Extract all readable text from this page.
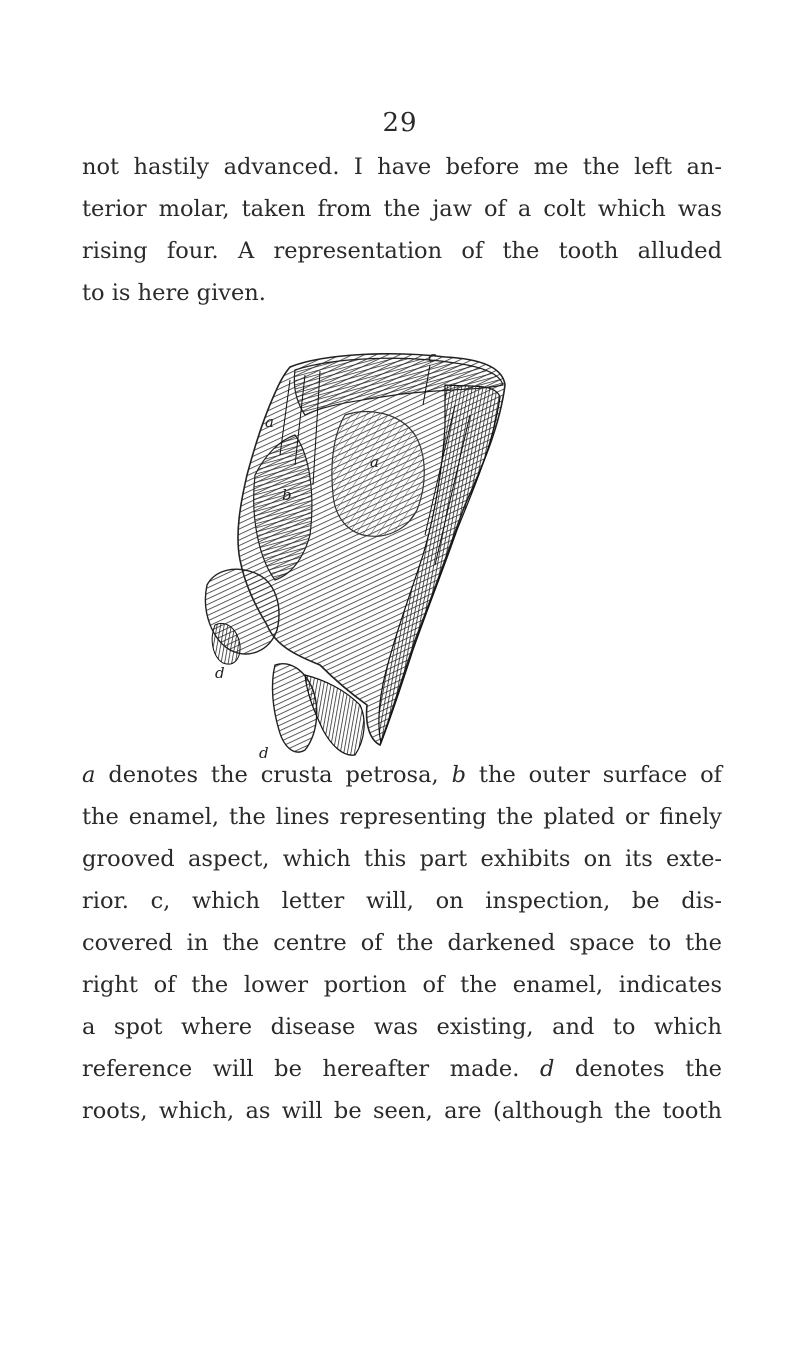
29

not hastily advanced. I have before me the left an-
terior molar, taken from the jaw of a colt which was
rising four. A representation of the tooth alluded
to is here given.

a
a
b
c
d
d

a denotes the crusta petrosa, b the outer surface of
the enamel, the lines representing the plated or finely
grooved aspect, which this part exhibits on its exte-
rior. c, which letter will, on inspection, be dis-
covered in the centre of the darkened space to the
right of the lower portion of the enamel, indicates
a spot where disease was existing, and to which
reference will be hereafter made. d denotes the
roots, which, as will be seen, are (although the tooth
